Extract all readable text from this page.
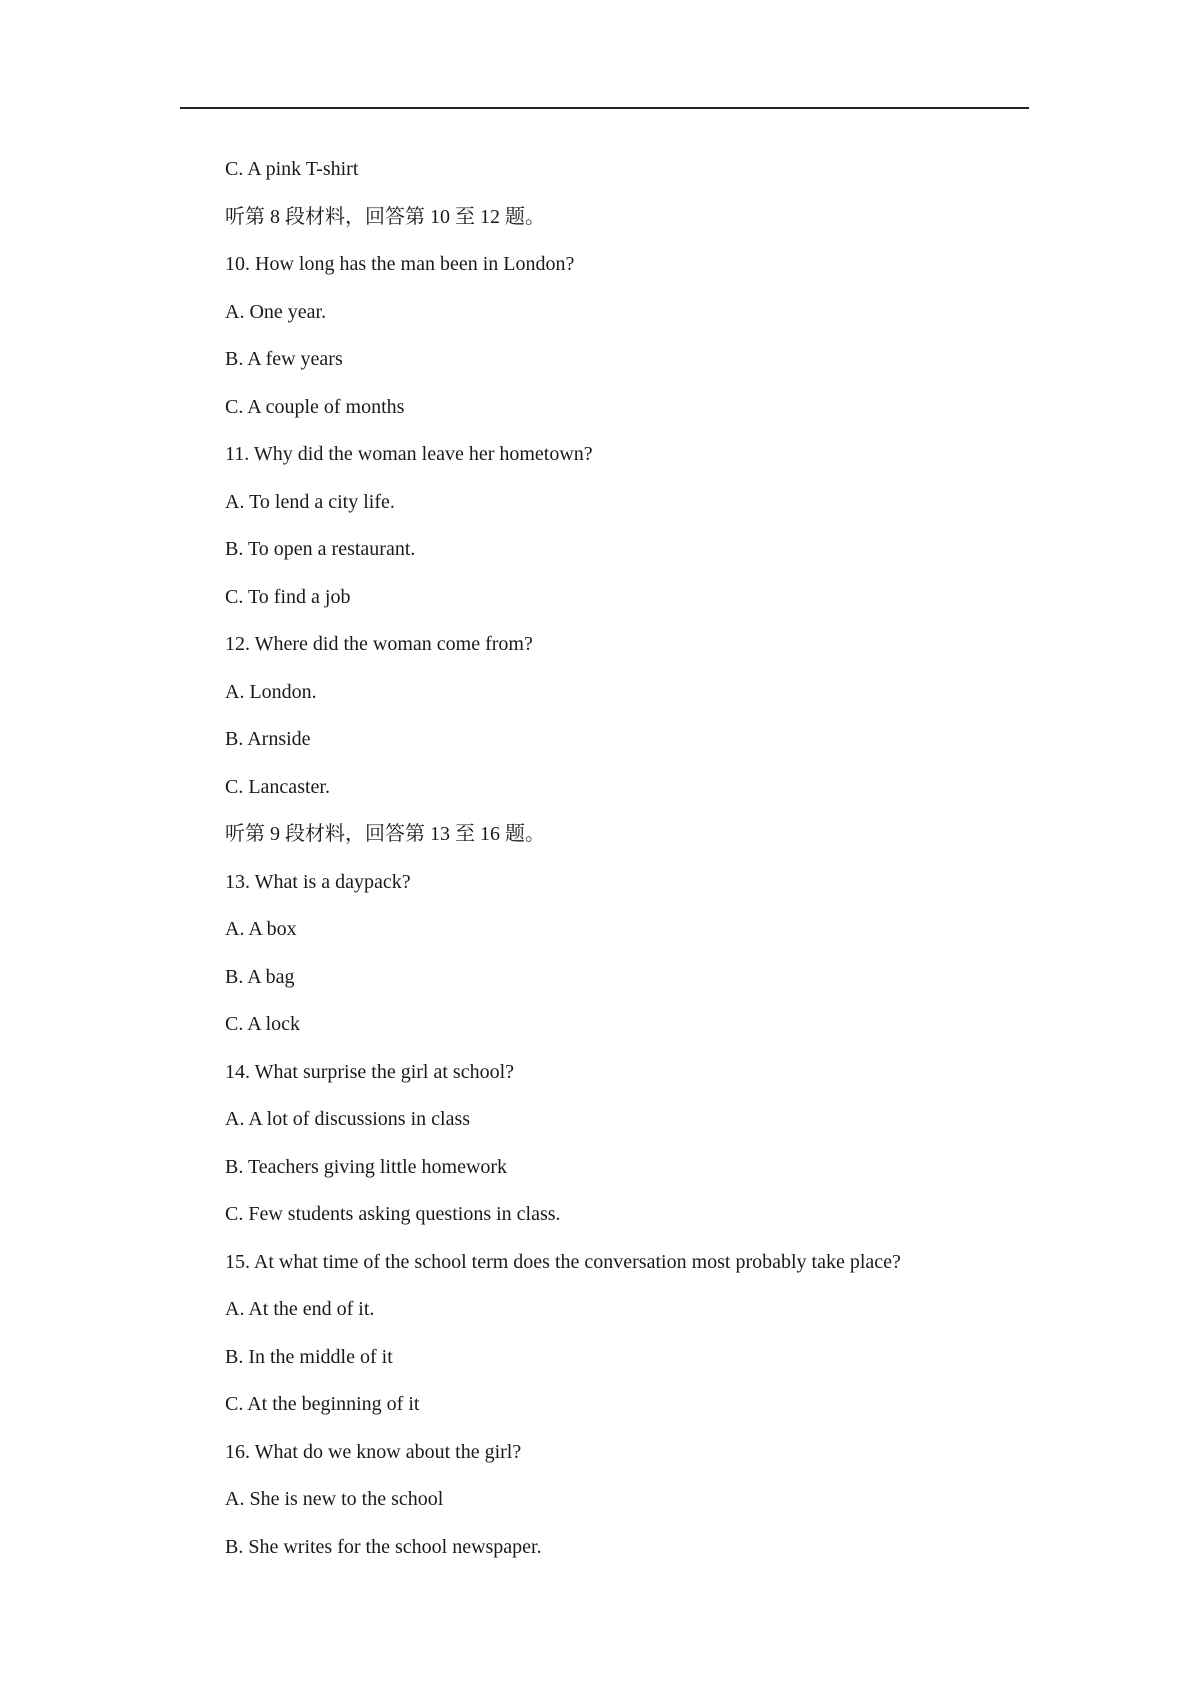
C. A pink T-shirt
听第 8 段材料，回答第 10 至 12 题。
10. How long has the man been in London?
A. One year.
B. A few years
C. A couple of months
11. Why did the woman leave her hometown?
A. To lend a city life.
B. To open a restaurant.
C. To find a job
12. Where did the woman come from?
A. London.
B. Arnside
C. Lancaster.
听第 9 段材料，回答第 13 至 16 题。
13. What is a daypack?
A. A box
B. A bag
C. A lock
14. What surprise the girl at school?
A. A lot of discussions in class
B. Teachers giving little homework
C. Few students asking questions in class.
15. At what time of the school term does the conversation most probably take place?
A. At the end of it.
B. In the middle of it
C. At the beginning of it
16. What do we know about the girl?
A. She is new to the school
B. She writes for the school newspaper.
